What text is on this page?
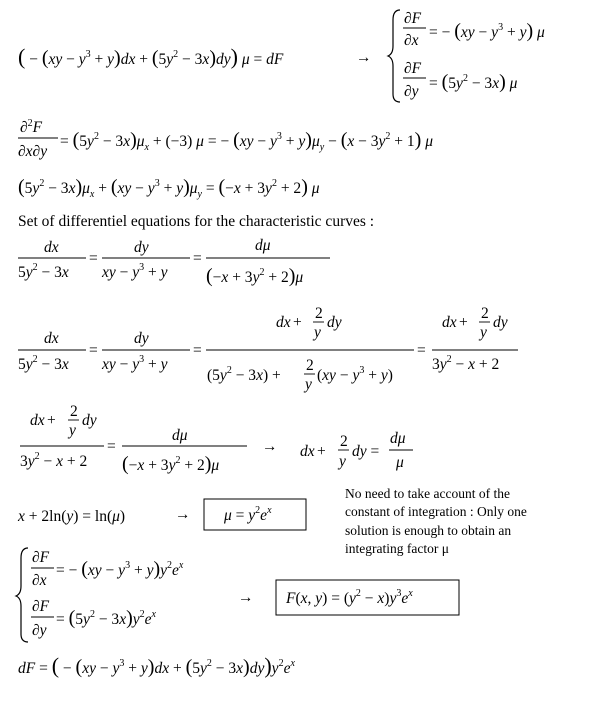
( − $(xy - y^3 + y)dx + (5y^2 - 3x)dy$) μ = dF	→
∂F
∂x = − $(xy - y^3 + y)$ μ
∂F
$\partial y = (5y^2 - 3x)$ μ
∂$^2$F
∂x∂y
= $(5y^2 - 3x)\mu_x + (-3) \mu$ = − $(xy - y^3 + y)\mu_y - (x - 3y^2 + 1)$ μ
$(5y^2 - 3x)\mu_x + (xy - y^3 + y)\mu_y = (-x + 3y^2 + 2)$ μ
Set of differentiel equations for the characteristic curves :
dx
$5y^2 - 3x$
=
dy
xy − $y^3 + y$
=
dμ
$(-x + 3y^2 + 2)\mu$
dx
$5y^2 - 3x$
=
dy
xy − $y^3 + y$
=
dx +
2
y
dy
$(5y^2 - 3x)$ +
2
y
$(xy - y^3 + y)$
=
dx +
2
y
dy
$3y^2 - x + 2$
dx +
2
y
dy
$3y^2 - x + 2$
=
dμ
$(-x + 3y^2 + 2)\mu$
→ dx +
2
y
dy =
dμ
μ
x + 2ln(y) = ln(μ)	→ $\mu = y^2e^x$
No need to take account of the
constant of integration : Only one
solution is enough to obtain an
integrating factor μ
∂F
∂x
= − $(xy - y^3 + y)y^2e^x$
∂F
∂y
= $(5y^2 - 3x)y^2e^x$
→ F(x, $y) = (y^2 - x)y^3e^x$
dF = ( − $(xy - y^3 + y)dx + (5y^2 - 3x)dy)y^2e^x$
